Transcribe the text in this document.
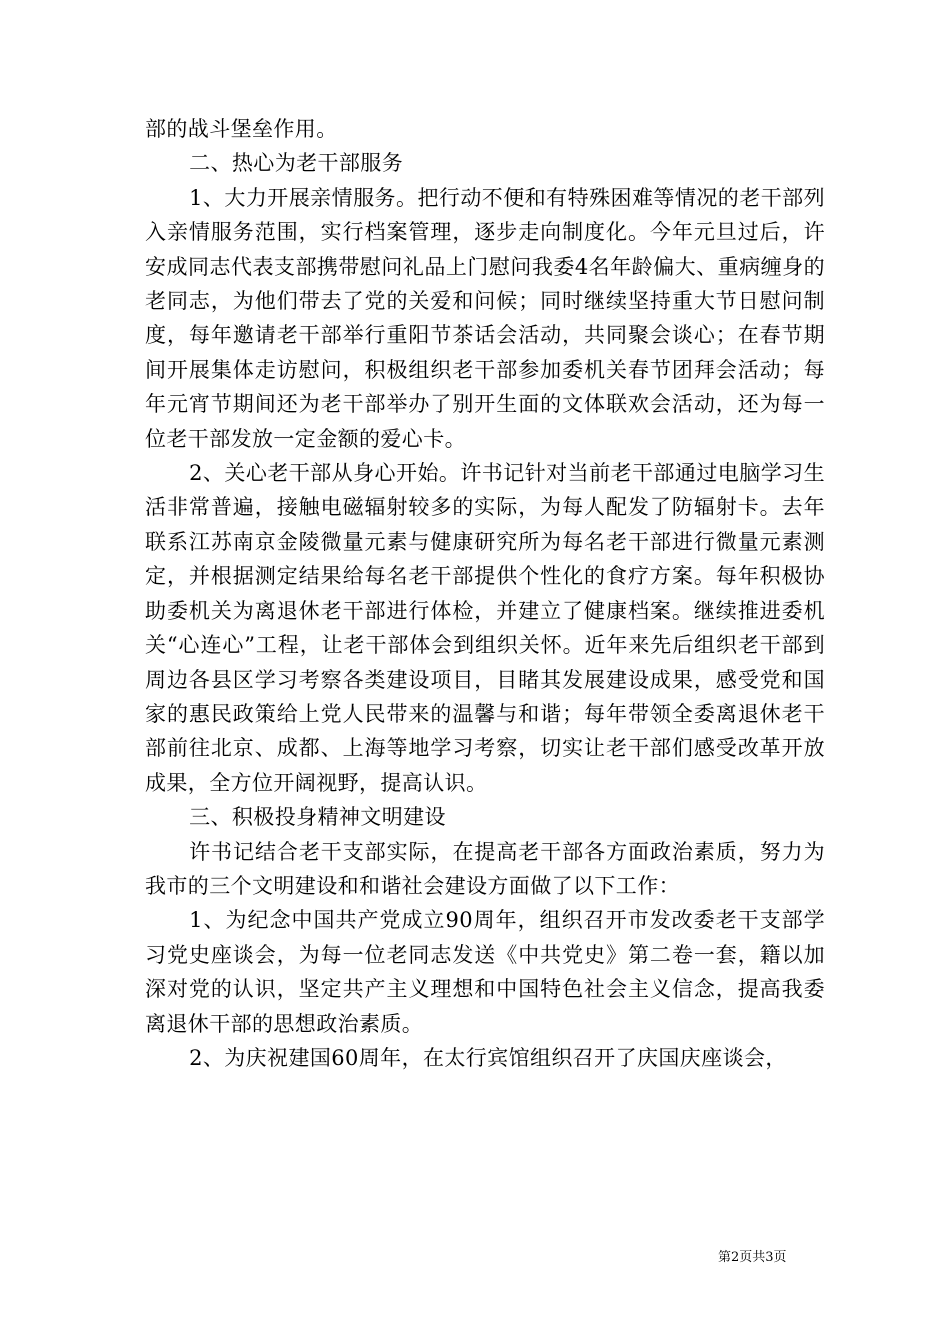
部的战斗堡垒作用。

二、热心为老干部服务

1、大力开展亲情服务。把行动不便和有特殊困难等情况的老干部列入亲情服务范围，实行档案管理，逐步走向制度化。今年元旦过后，许安成同志代表支部携带慰问礼品上门慰问我委4名年龄偏大、重病缠身的老同志，为他们带去了党的关爱和问候；同时继续坚持重大节日慰问制度，每年邀请老干部举行重阳节茶话会活动，共同聚会谈心；在春节期间开展集体走访慰问，积极组织老干部参加委机关春节团拜会活动；每年元宵节期间还为老干部举办了别开生面的文体联欢会活动，还为每一位老干部发放一定金额的爱心卡。

2、关心老干部从身心开始。许书记针对当前老干部通过电脑学习生活非常普遍，接触电磁辐射较多的实际，为每人配发了防辐射卡。去年联系江苏南京金陵微量元素与健康研究所为每名老干部进行微量元素测定，并根据测定结果给每名老干部提供个性化的食疗方案。每年积极协助委机关为离退休老干部进行体检，并建立了健康档案。继续推进委机关“心连心”工程，让老干部体会到组织关怀。近年来先后组织老干部到周边各县区学习考察各类建设项目，目睹其发展建设成果，感受党和国家的惠民政策给上党人民带来的温馨与和谐；每年带领全委离退休老干部前往北京、成都、上海等地学习考察，切实让老干部们感受改革开放成果，全方位开阔视野，提高认识。

三、积极投身精神文明建设

许书记结合老干支部实际，在提高老干部各方面政治素质，努力为我市的三个文明建设和和谐社会建设方面做了以下工作：

1、为纪念中国共产党成立90周年，组织召开市发改委老干支部学习党史座谈会，为每一位老同志发送《中共党史》第二卷一套，籍以加深对党的认识，坚定共产主义理想和中国特色社会主义信念，提高我委离退休干部的思想政治素质。

2、为庆祝建国60周年，在太行宾馆组织召开了庆国庆座谈会，

第2页共3页
